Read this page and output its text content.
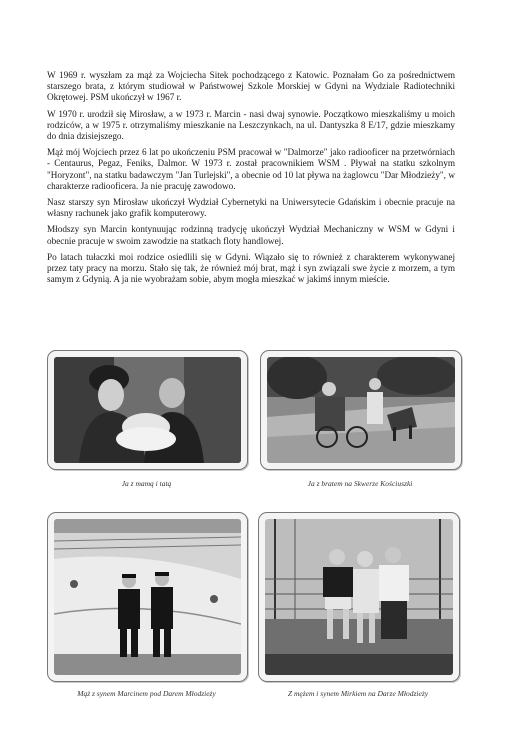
W 1969 r. wyszłam za mąż za Wojciecha Sitek pochodzącego z Katowic. Poznałam Go za pośrednictwem starszego brata, z którym studiował w Państwowej Szkole Morskiej w Gdyni na Wydziale Radiotechniki Okrętowej. PSM ukończył w 1967 r.

W 1970 r. urodził się Mirosław, a w 1973 r. Marcin - nasi dwaj synowie. Początkowo mieszkaliśmy u moich rodziców, a w 1975 r. otrzymaliśmy mieszkanie na Leszczynkach, na ul. Dantyszka 8 E/17, gdzie mieszkamy do dnia dzisiejszego.

Mąż mój Wojciech przez 6 lat po ukończeniu PSM pracował w "Dalmorze" jako radiooficer na przetwórniach - Centaurus, Pegaz, Feniks, Dalmor. W 1973 r. został pracownikiem WSM . Pływał na statku szkolnym "Horyzont", na statku badawczym "Jan Turlejski", a obecnie od 10 lat pływa na żaglowcu "Dar Młodzieży", w charakterze radiooficera. Ja nie pracuję zawodowo.

Nasz starszy syn Mirosław ukończył Wydział Cybernetyki na Uniwersytecie Gdańskim i obecnie pracuje na własny rachunek jako grafik komputerowy.

Młodszy syn Marcin kontynuując rodzinną tradycję ukończył Wydział Mechaniczny w WSM w Gdyni i obecnie pracuje w swoim zawodzie na statkach floty handlowej.

Po latach tułaczki moi rodzice osiedlili się w Gdyni. Wiązało się to również z charakterem wykonywanej przez taty pracy na morzu. Stało się tak, że również mój brat, mąż i syn związali swe życie z morzem, a tym samym z Gdynią. A ja nie wyobrażam sobie, abym mogła mieszkać w jakimś innym mieście.

Ja z mamą i tatą	Ja z bratem na Skwerze Kościuszki
Mąż z synem Marcinem pod Darem Młodzieży	Z mężem i synem Mirkiem na Darze Młodzieży
